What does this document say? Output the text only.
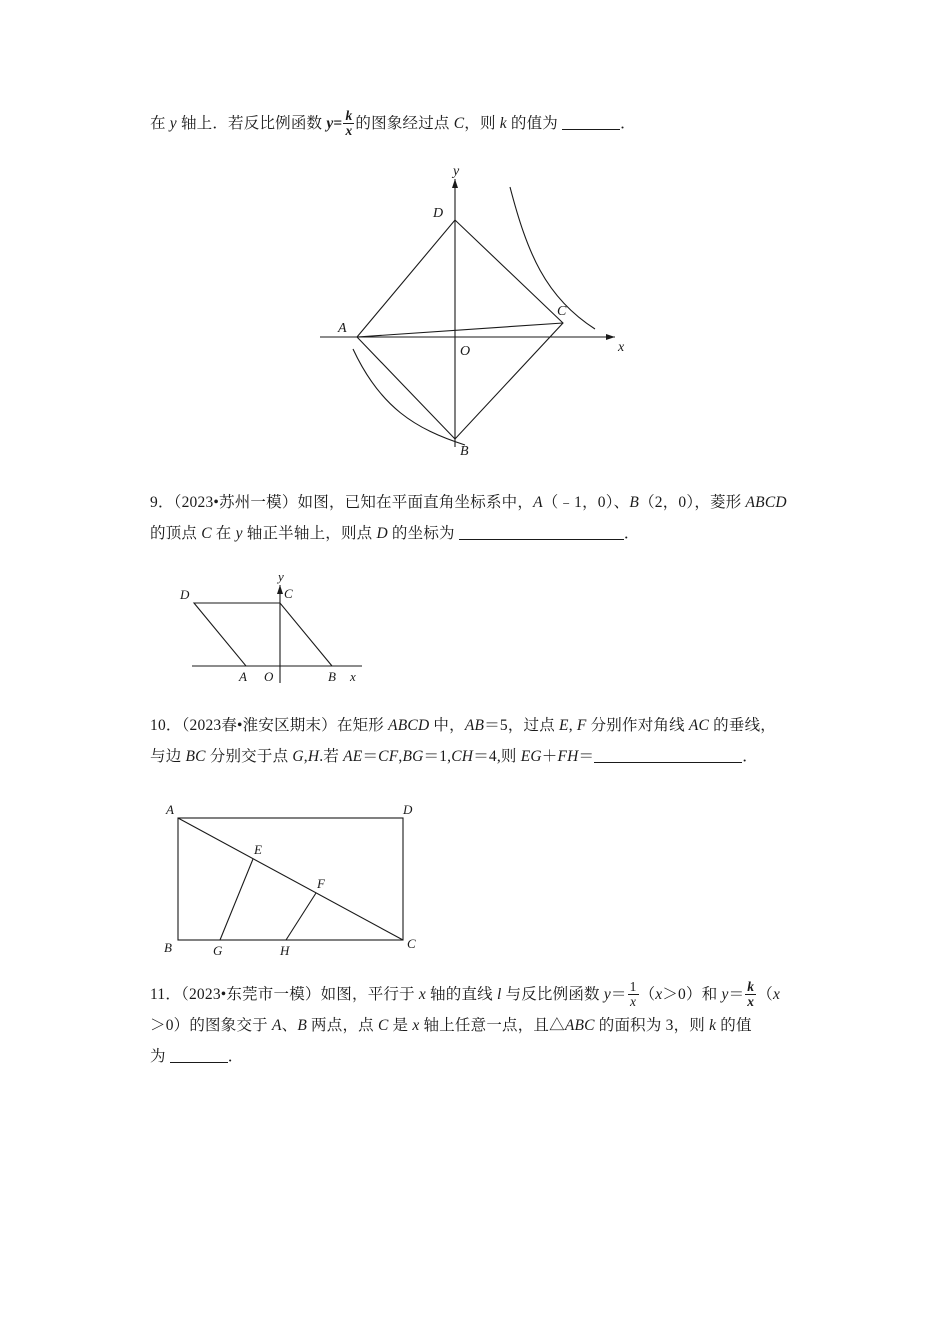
在 y 轴上．若反比例函数 $y= \frac{k}{x}$ 的图象经过点 C，则 k 的值为	．
y
x
O
A
B
C
D
9．（2023•苏州一模）如图，已知在平面直角坐标系中，A（﹣1，0）、B（2，0），菱形 ABCD
的顶点 C 在 y 轴正半轴上，则点 D 的坐标为	．
y
x
O
A	B
C
D
10．（2023春•淮安区期末）在矩形 ABCD 中，AB＝5，过点 E, F 分别作对角线 AC 的垂线，
与边 BC 分别交于点 G,H.若 AE＝CF,BG＝1,CH＝4,则 EG＋FH＝	．
A	D
B	C
E
F
G	H
11．（2023•东莞市一模）如图，平行于 x 轴的直线 l 与反比例函数 $y= \frac{1}{x} (x>0)$和 $y= \frac{k}{x} (x$
＞0）的图象交于 A、B 两点，点 C 是 x 轴上任意一点，且△ABC 的面积为 3，则 k 的值
为	．
